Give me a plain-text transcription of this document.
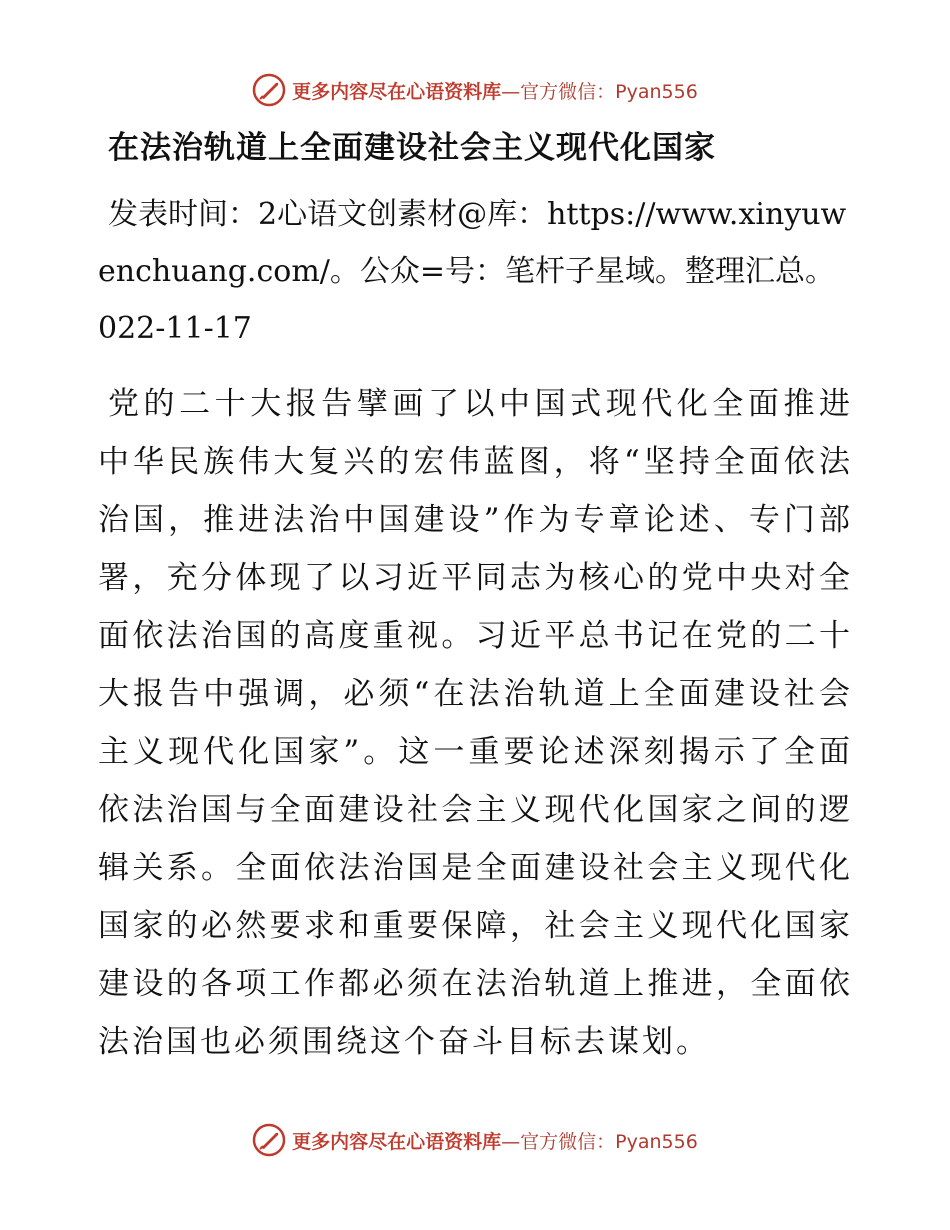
更多内容尽在心语资料库—官方微信：Pyan556
在法治轨道上全面建设社会主义现代化国家

发表时间：2心语文创素材@库：https://www.xinyuwenchuang.com/。公众=号：笔杆子星域。整理汇总。022-11-17

党的二十大报告擘画了以中国式现代化全面推进中华民族伟大复兴的宏伟蓝图，将“坚持全面依法治国，推进法治中国建设”作为专章论述、专门部署，充分体现了以习近平同志为核心的党中央对全面依法治国的高度重视。习近平总书记在党的二十大报告中强调，必须“在法治轨道上全面建设社会主义现代化国家”。这一重要论述深刻揭示了全面依法治国与全面建设社会主义现代化国家之间的逻辑关系。全面依法治国是全面建设社会主义现代化国家的必然要求和重要保障，社会主义现代化国家建设的各项工作都必须在法治轨道上推进，全面依法治国也必须围绕这个奋斗目标去谋划。

更多内容尽在心语资料库—官方微信：Pyan556
